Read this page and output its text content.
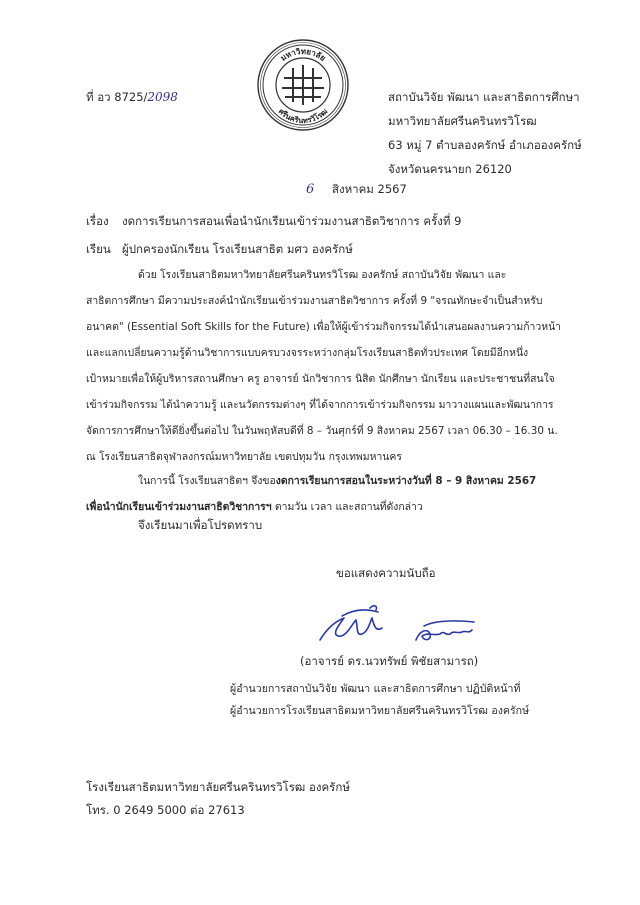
ที่ อว 8725/2098
มหาวิทยาลัย
ศรีนครินทรวิโรฒ
สถาบันวิจัย พัฒนา และสาธิตการศึกษา
มหาวิทยาลัยศรีนครินทรวิโรฒ
63 หมู่ 7 ตำบลองครักษ์ อำเภอองครักษ์
จังหวัดนครนายก 26120
6 สิงหาคม 2567
เรื่อง งดการเรียนการสอนเพื่อนำนักเรียนเข้าร่วมงานสาธิตวิชาการ ครั้งที่ 9
เรียน ผู้ปกครองนักเรียน โรงเรียนสาธิต มศว องครักษ์
ด้วย โรงเรียนสาธิตมหาวิทยาลัยศรีนครินทรวิโรฒ องครักษ์ สถาบันวิจัย พัฒนา และ
สาธิตการศึกษา มีความประสงค์นำนักเรียนเข้าร่วมงานสาธิตวิชาการ ครั้งที่ 9 "จรณทักษะจำเป็นสำหรับ
อนาคต" (Essential Soft Skills for the Future) เพื่อให้ผู้เข้าร่วมกิจกรรมได้นำเสนอผลงานความก้าวหน้า
และแลกเปลี่ยนความรู้ด้านวิชาการแบบครบวงจรระหว่างกลุ่มโรงเรียนสาธิตทั่วประเทศ โดยมีอีกหนึ่ง
เป้าหมายเพื่อให้ผู้บริหารสถานศึกษา ครู อาจารย์ นักวิชาการ นิสิต นักศึกษา นักเรียน และประชาชนที่สนใจ
เข้าร่วมกิจกรรม ได้นำความรู้ และนวัตกรรมต่างๆ ที่ได้จากการเข้าร่วมกิจกรรม มาวางแผนและพัฒนาการ
จัดการการศึกษาให้ดียิ่งขึ้นต่อไป ในวันพฤหัสบดีที่ 8 – วันศุกร์ที่ 9 สิงหาคม 2567 เวลา 06.30 – 16.30 น.
ณ โรงเรียนสาธิตจุฬาลงกรณ์มหาวิทยาลัย เขตปทุมวัน กรุงเทพมหานคร
ในการนี้ โรงเรียนสาธิตฯ จึงของดการเรียนการสอนในระหว่างวันที่ 8 – 9 สิงหาคม 2567
เพื่อนำนักเรียนเข้าร่วมงานสาธิตวิชาการฯ ตามวัน เวลา และสถานที่ดังกล่าว
จึงเรียนมาเพื่อโปรดทราบ
ขอแสดงความนับถือ
(อาจารย์ ดร.นวทรัพย์ พิชัยสามารถ)
ผู้อำนวยการสถาบันวิจัย พัฒนา และสาธิตการศึกษา ปฏิบัติหน้าที่
ผู้อำนวยการโรงเรียนสาธิตมหาวิทยาลัยศรีนครินทรวิโรฒ องครักษ์
โรงเรียนสาธิตมหาวิทยาลัยศรีนครินทรวิโรฒ องครักษ์
โทร. 0 2649 5000 ต่อ 27613
